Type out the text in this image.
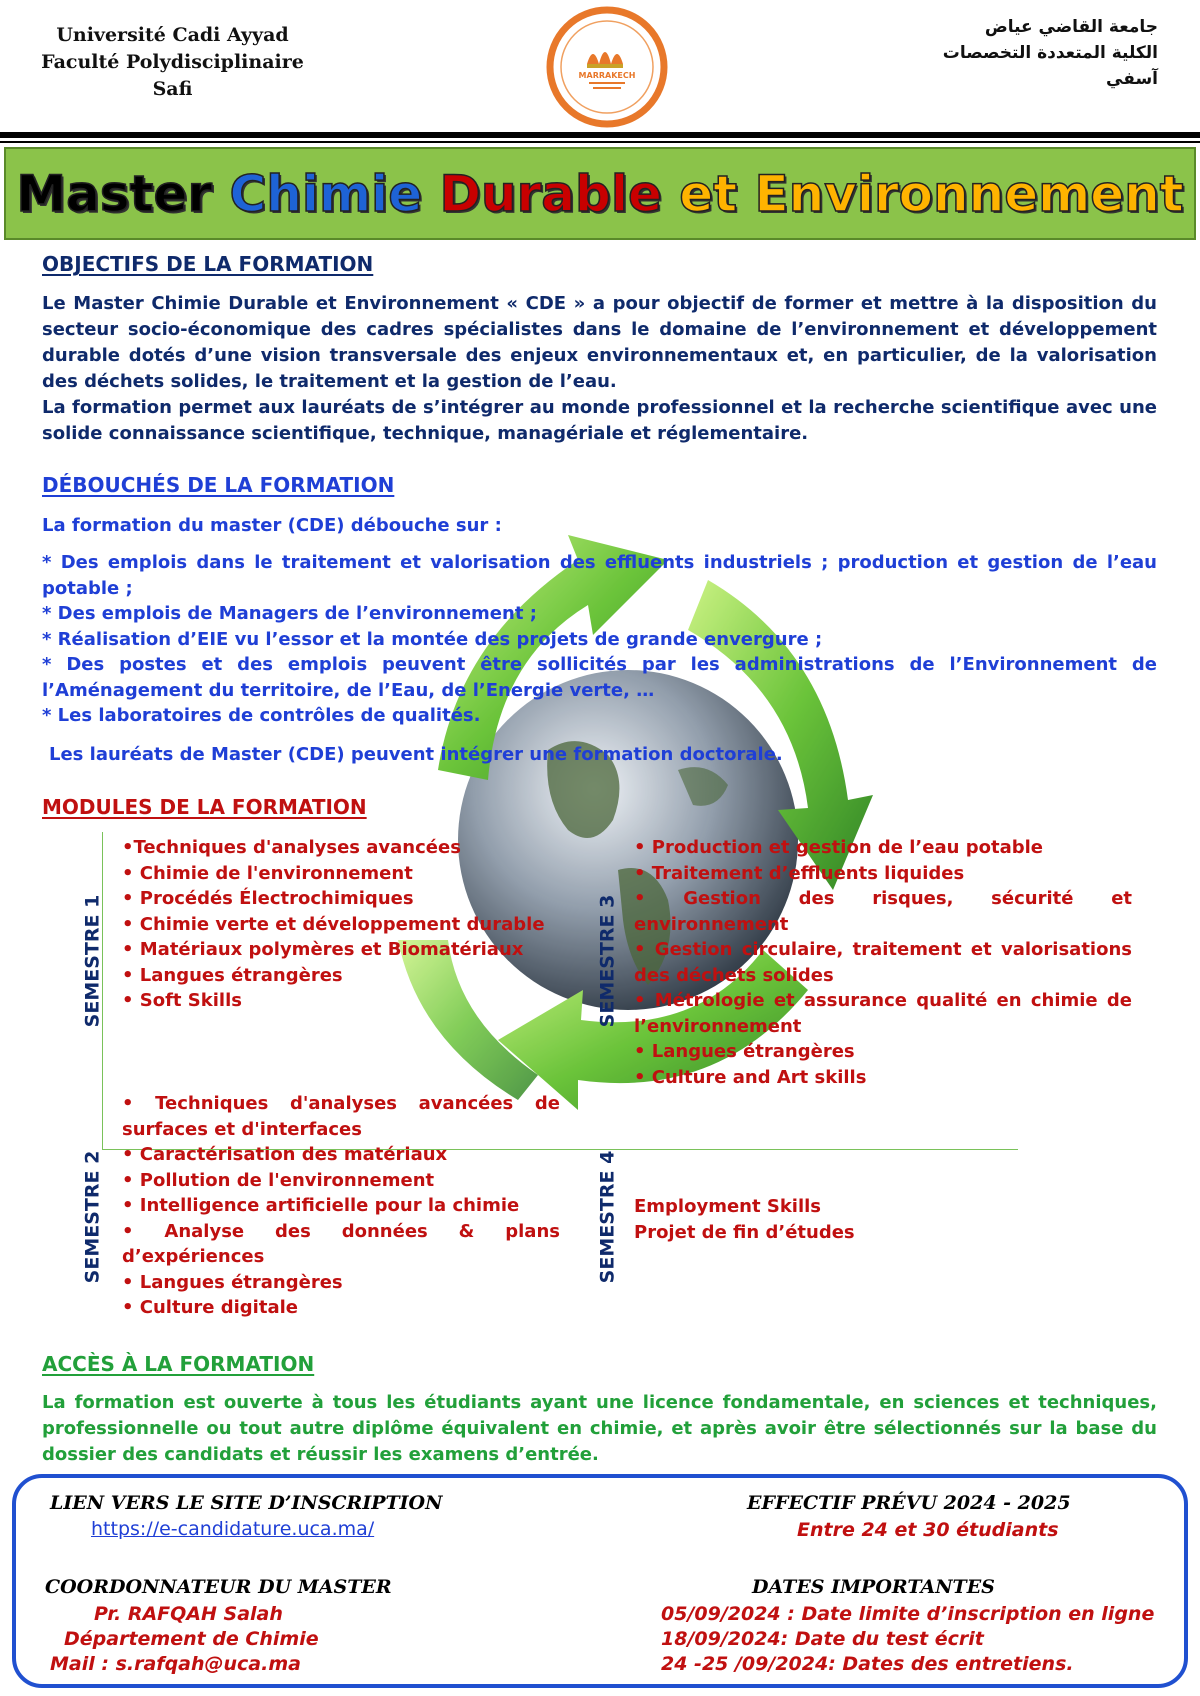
Université Cadi Ayyad
Faculté Polydisciplinaire
Safi
MARRAKECH
جامعة القاضي عياض
الكلية المتعددة التخصصات
آسفي
Master Chimie Durable et Environnement
OBJECTIFS DE LA FORMATION
Le Master Chimie Durable et Environnement « CDE » a pour objectif de former et mettre à la disposition du secteur socio-économique des cadres spécialistes dans le domaine de l’environnement et développement durable dotés d’une vision transversale des enjeux environnementaux et, en particulier, de la valorisation des déchets solides, le traitement et la gestion de l’eau.
La formation permet aux lauréats de s’intégrer au monde professionnel et la recherche scientifique avec une solide connaissance scientifique, technique, managériale et réglementaire.
DÉBOUCHÉS DE LA FORMATION
La formation du master (CDE) débouche sur :
* Des emplois dans le traitement et valorisation des effluents industriels ; production et gestion de l’eau potable ;
* Des emplois de Managers de l’environnement ;
* Réalisation d’EIE vu l’essor et la montée des projets de grande envergure ;
* Des postes et des emplois peuvent être sollicités par les administrations de l’Environnement de l’Aménagement du territoire, de l’Eau, de l’Energie verte, …
* Les laboratoires de contrôles de qualités.
Les lauréats de Master (CDE) peuvent intégrer une formation doctorale.
MODULES DE LA FORMATION
SEMESTRE 1
•Techniques d'analyses avancées
• Chimie de l'environnement
• Procédés Électrochimiques
• Chimie verte et développement durable
• Matériaux polymères et Biomatériaux
• Langues étrangères
• Soft Skills	SEMESTRE 3
• Production et gestion de l’eau potable
• Traitement d’effluents liquides
• Gestion des risques, sécurité et environnement
• Gestion circulaire, traitement et valorisations des déchets solides
• Métrologie et assurance qualité en chimie de l’environnement
• Langues étrangères
• Culture and Art skills
SEMESTRE 2
• Techniques d'analyses avancées de surfaces et d'interfaces
• Caractérisation des matériaux
• Pollution de l'environnement
• Intelligence artificielle pour la chimie
• Analyse des données & plans d’expériences
• Langues étrangères
• Culture digitale
SEMESTRE 4 Employment Skills
Projet de fin d’études
ACCÈS À LA FORMATION
La formation est ouverte à tous les étudiants ayant une licence fondamentale, en sciences et techniques, professionnelle ou tout autre diplôme équivalent en chimie, et après avoir être sélectionnés sur la base du dossier des candidats et réussir les examens d’entrée.
LIEN VERS LE SITE D’INSCRIPTION
https://e-candidature.uca.ma/
EFFECTIF PRÉVU 2024 - 2025
Entre 24 et 30 étudiants
COORDONNATEUR DU MASTER
Pr. RAFQAH Salah
Département de Chimie
Mail : s.rafqah@uca.ma
DATES IMPORTANTES
05/09/2024 : Date limite d’inscription en ligne
18/09/2024: Date du test écrit
24 -25 /09/2024: Dates des entretiens.
